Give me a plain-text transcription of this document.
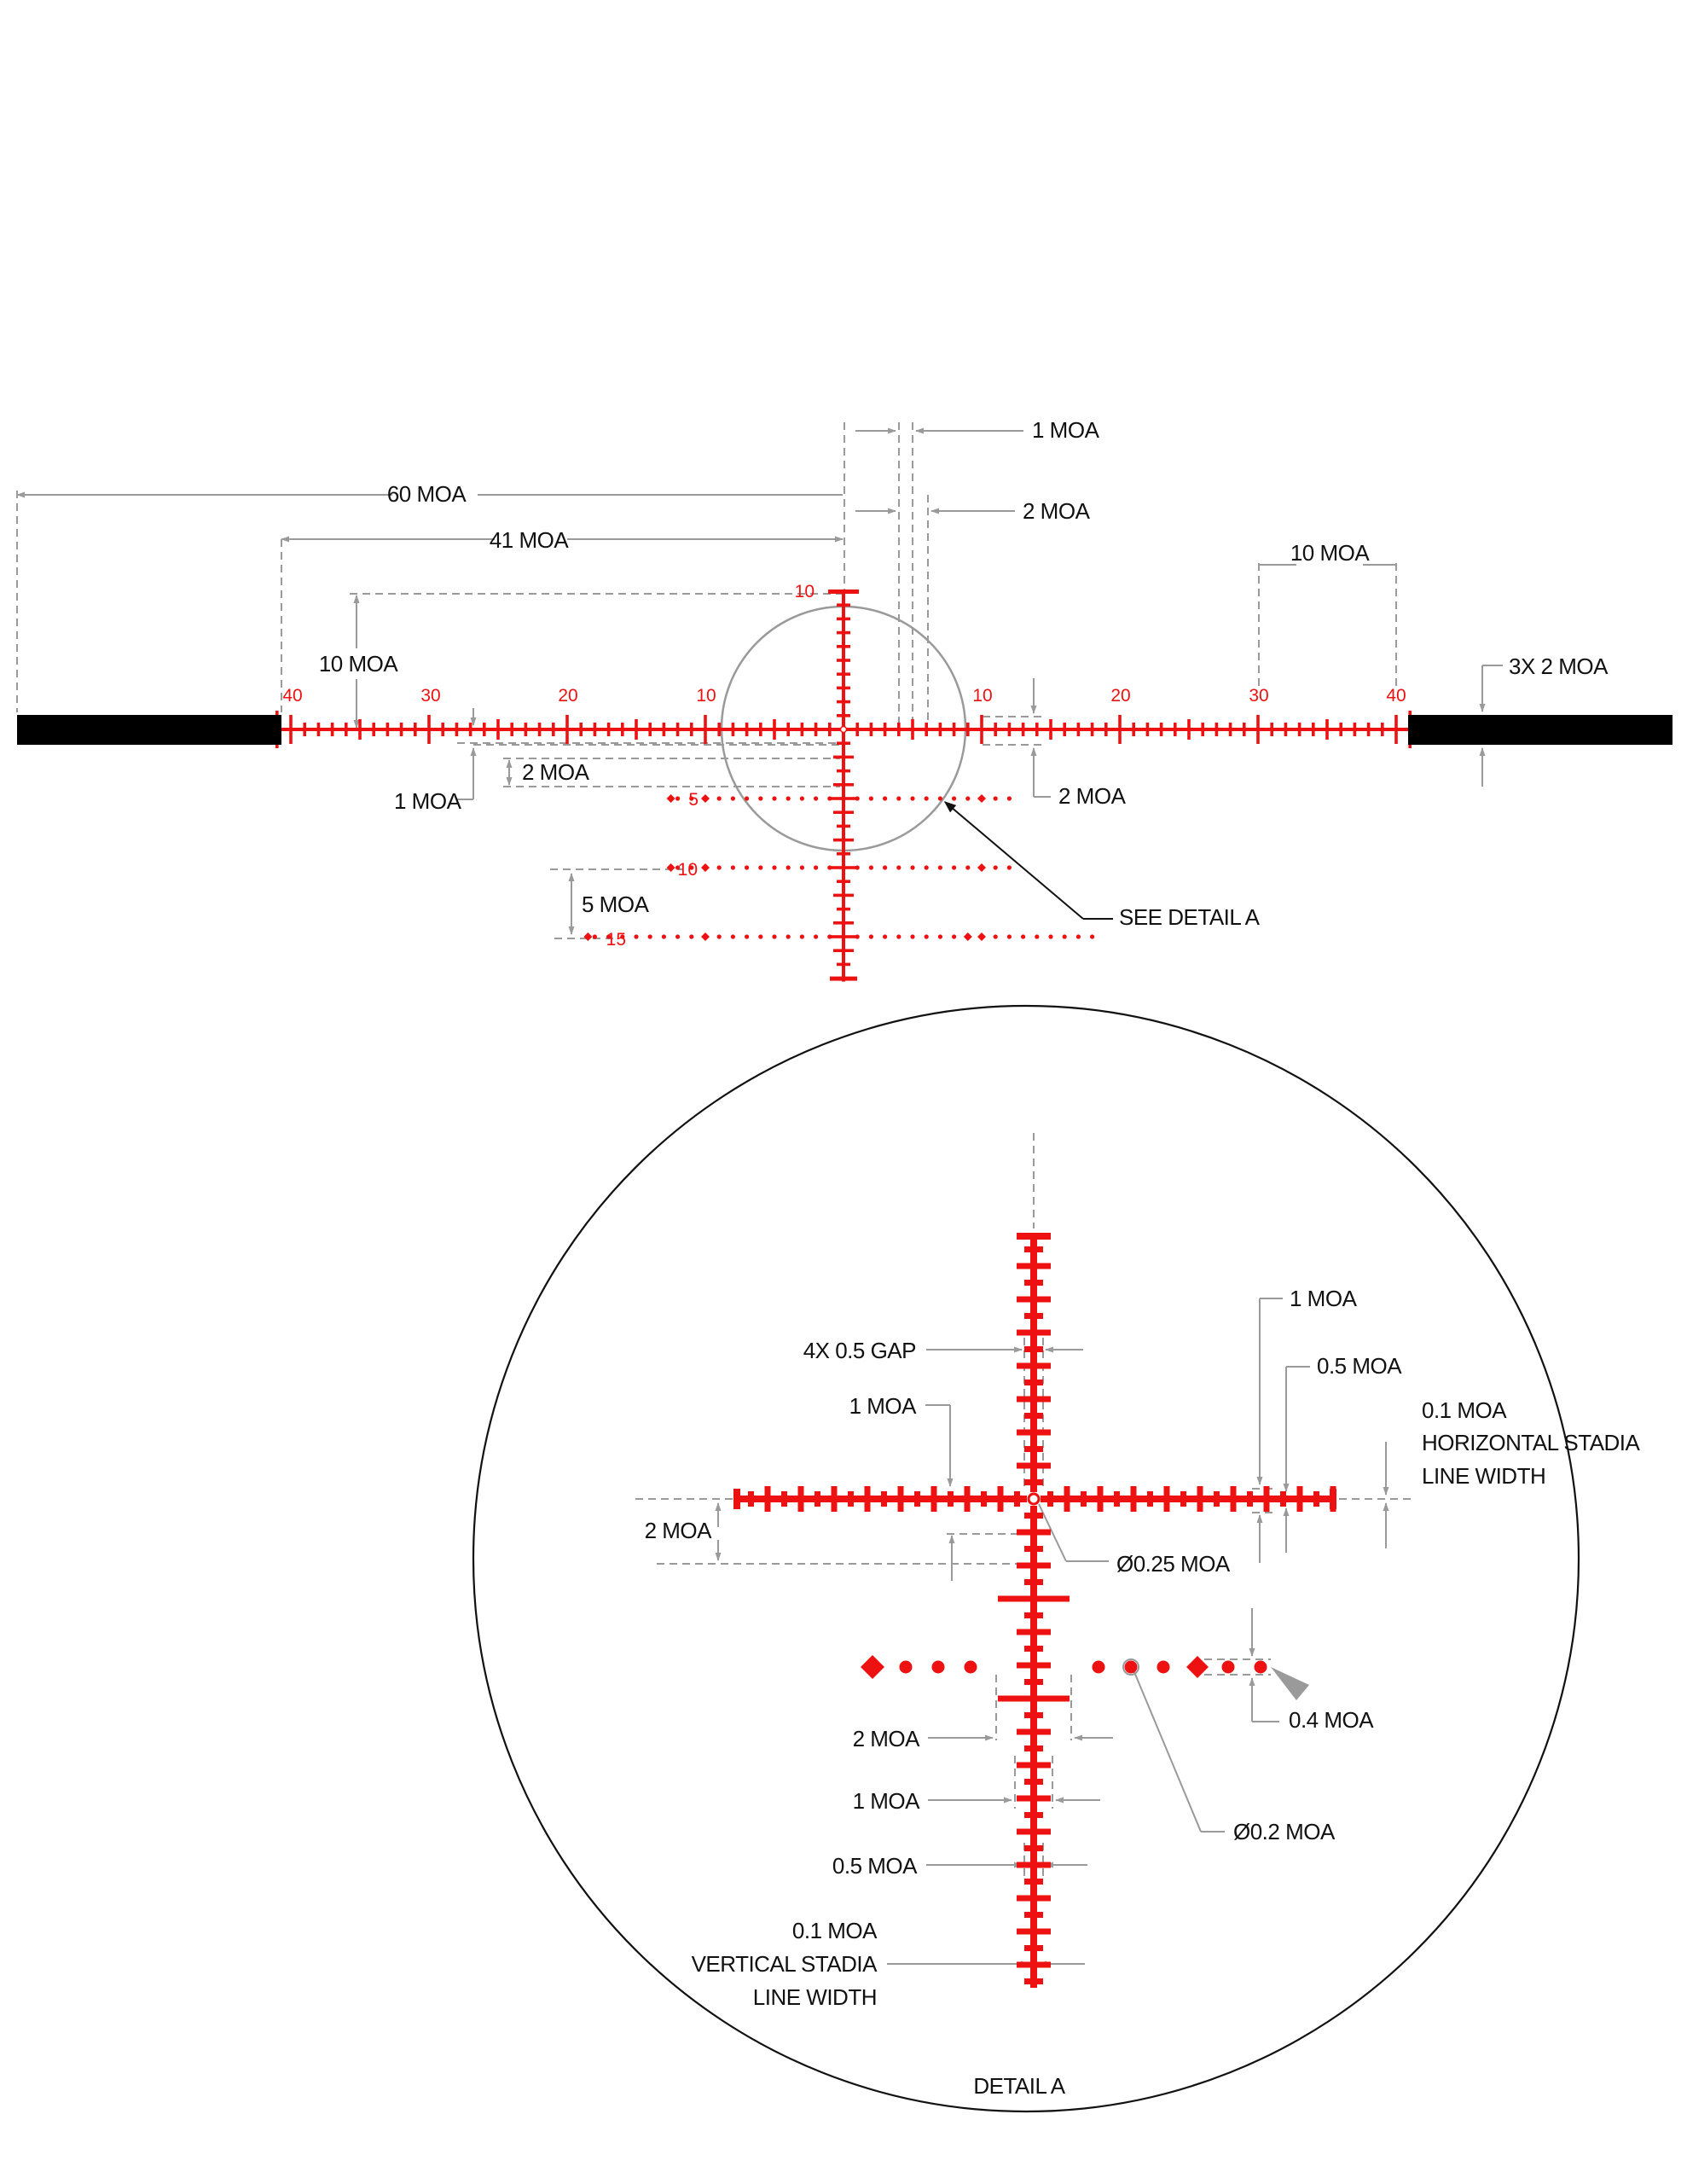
40	30	20	10	10	20	30	40
10
5
10
15
60 MOA
41 MOA
10 MOA
10 MOA
1 MOA
2 MOA
3X 2 MOA
2 MOA
1 MOA	2 MOA
5 MOA	SEE DETAIL A
DETAIL A
4X 0.5 GAP
1 MOA
2 MOA
1 MOA
0.5 MOA
0.1 MOA
HORIZONTAL STADIA
LINE WIDTH
Ø0.25 MOA
0.4 MOA
2 MOA
1 MOA
0.5 MOA
Ø0.2 MOA
0.1 MOA
VERTICAL STADIA
LINE WIDTH
